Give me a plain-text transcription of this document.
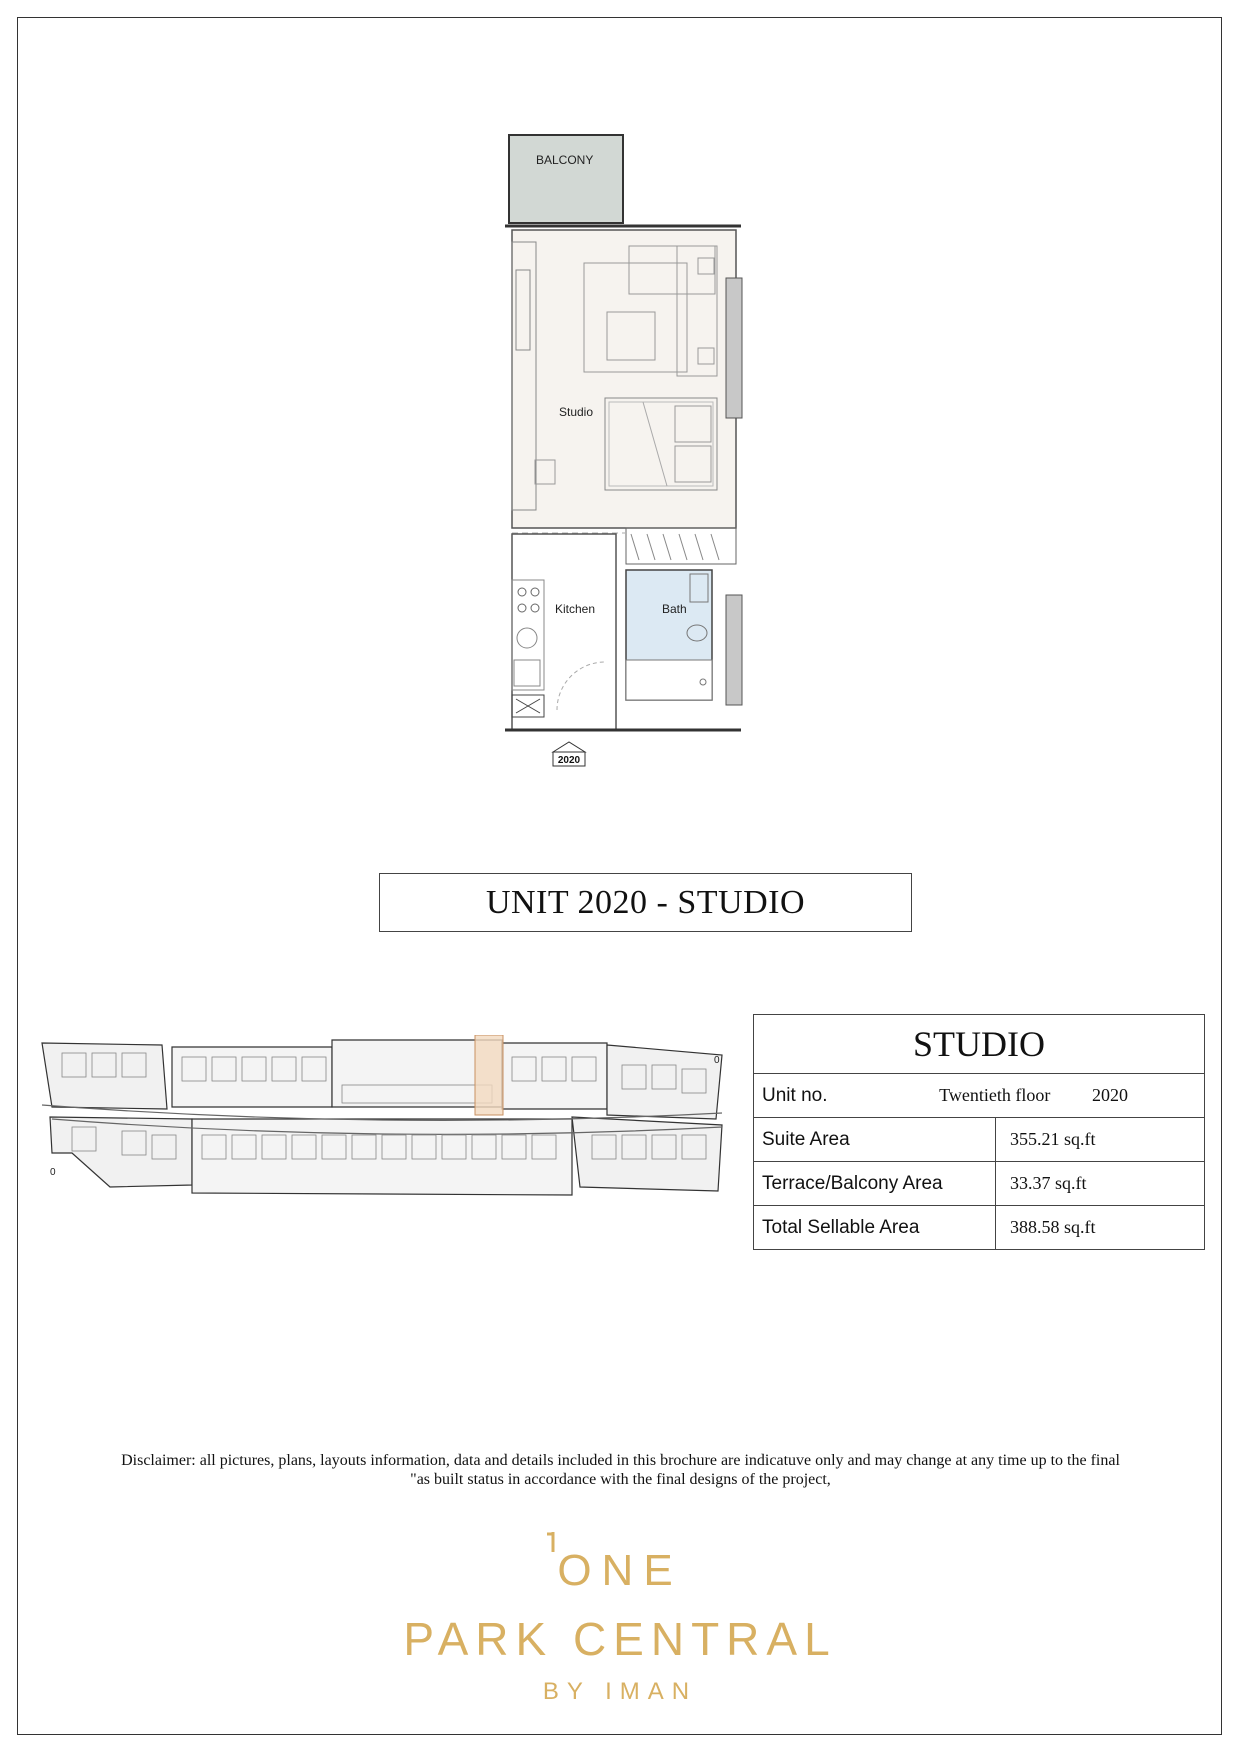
BALCONY
Studio
Kitchen	Bath
2020
UNIT 2020 - STUDIO
0
0	STUDIO	

Unit no. Twentieth floor 2020	

Suite Area	355.21 sq.ft
Terrace/Balcony Area	33.37 sq.ft
Total Sellable Area	388.58 sq.ft
Disclaimer: all pictures, plans, layouts information, data and details included in this brochure are indicatuve only and may change at any time up to the final
"as built status in accordance with the final designs of the project,
ONE
PARK CENTRAL
BY IMAN
